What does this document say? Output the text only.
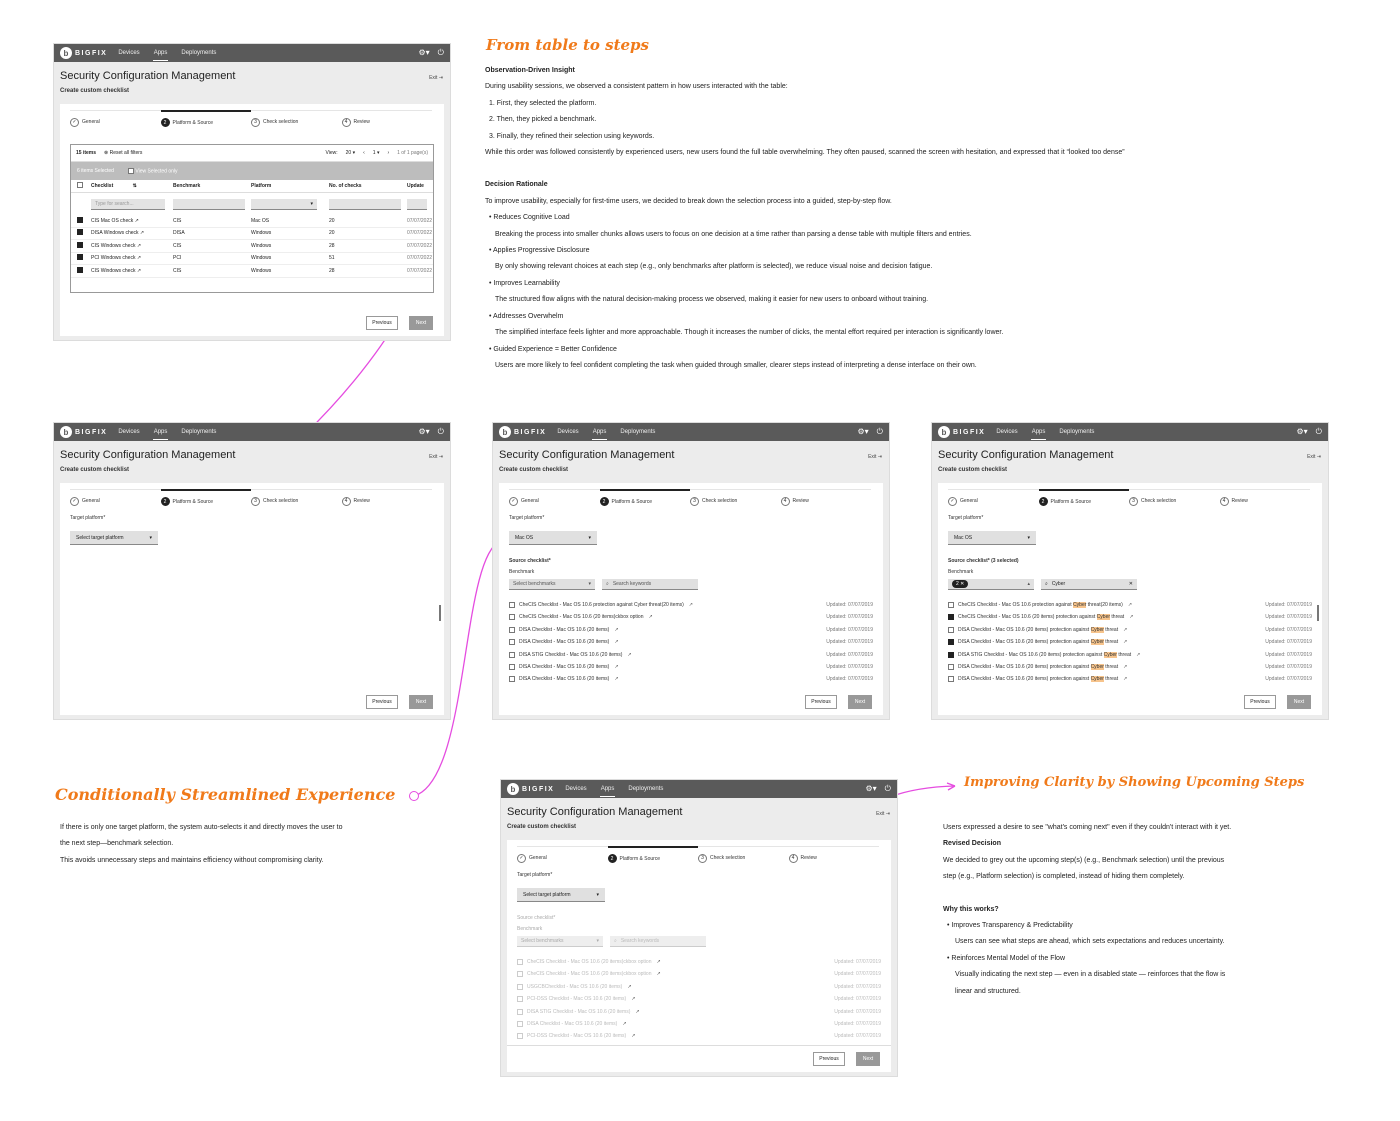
b BIGFIX Devices Apps Deployments	⚙▾ ⏻
Security Configuration Management	Exit ⇥
Create custom checklist
✓	General	2	Platform & Source	3	Check selection	4	Review
15 items ⊗ Reset all filters	View: 20 ▾ ‹ 1 ▾ › 1 of 1 page(s)
6 items Selected	View Selected only
Checklist	⇅	Benchmark	Platform	No. of checks	Update
Type for search...	▾
CIS Mac OS check ↗	CIS	Mac OS	20	07/07/2022
DISA Windows check ↗	DISA	Windows	20	07/07/2022
CIS Windows check ↗	CIS	Windows	28	07/07/2022
PCI Windows check ↗	PCI	Windows	51	07/07/2022
CIS Windows check ↗	CIS	Windows	28	07/07/2022
Previous	Next
From table to steps
Observation-Driven Insight
During usability sessions, we observed a consistent pattern in how users interacted with the table:
1. First, they selected the platform.
2. Then, they picked a benchmark.
3. Finally, they refined their selection using keywords.
While this order was followed consistently by experienced users, new users found the full table overwhelming. They often paused, scanned the screen with hesitation, and expressed that it “looked too dense”
Decision Rationale
To improve usability, especially for first-time users, we decided to break down the selection process into a guided, step-by-step flow.
• Reduces Cognitive Load
Breaking the process into smaller chunks allows users to focus on one decision at a time rather than parsing a dense table with multiple filters and entries.
• Applies Progressive Disclosure
By only showing relevant choices at each step (e.g., only benchmarks after platform is selected), we reduce visual noise and decision fatigue.
• Improves Learnability
The structured flow aligns with the natural decision-making process we observed, making it easier for new users to onboard without training.
• Addresses Overwhelm
The simplified interface feels lighter and more approachable. Though it increases the number of clicks, the mental effort required per interaction is significantly lower.
• Guided Experience = Better Confidence
Users are more likely to feel confident completing the task when guided through smaller, clearer steps instead of interpreting a dense interface on their own.
b BIGFIX Devices Apps Deployments	⚙▾ ⏻
Security Configuration Management	Exit ⇥
Create custom checklist
✓	General	2	Platform & Source	3	Check selection	4	Review
Target platform*
Select target platform	▾
Previous	Next
b BIGFIX Devices Apps Deployments	⚙▾ ⏻
Security Configuration Management	Exit ⇥
Create custom checklist
✓	General	2	Platform & Source	3	Check selection	4	Review
Target platform*
Mac OS	▾
Source checklist*
Benchmark
Select benchmarks	▾	⌕ Search keywords
CheCIS Checklist - Mac OS 10.6 protection against Cyber threat(20 items) ↗	Updated: 07/07/2019
CheCIS Checklist - Mac OS 10.6 (20 items)ckbox option ↗	Updated: 07/07/2019
DISA Checklist - Mac OS 10.6 (20 items) ↗	Updated: 07/07/2019
DISA Checklist - Mac OS 10.6 (20 items) ↗	Updated: 07/07/2019
DISA STIG Checklist - Mac OS 10.6 (20 items) ↗	Updated: 07/07/2019
DISA Checklist - Mac OS 10.6 (20 items) ↗	Updated: 07/07/2019
DISA Checklist - Mac OS 10.6 (20 items) ↗	Updated: 07/07/2019
Previous	Next
b BIGFIX Devices Apps Deployments	⚙▾ ⏻
Security Configuration Management	Exit ⇥
Create custom checklist
✓	General	2	Platform & Source	3	Check selection	4	Review
Target platform*
Mac OS	▾
Source checklist* (3 selected)
Benchmark
2 ✕	▴	⌕ Cyber	✕
CheCIS Checklist - Mac OS 10.6 protection against Cyber threat(20 items) ↗	Updated: 07/07/2019
CheCIS Checklist - Mac OS 10.6 (20 items) protection against Cyber threat ↗	Updated: 07/07/2019
DISA Checklist - Mac OS 10.6 (20 items) protection against Cyber threat ↗	Updated: 07/07/2019
DISA Checklist - Mac OS 10.6 (20 items) protection against Cyber threat ↗	Updated: 07/07/2019
DISA STIG Checklist - Mac OS 10.6 (20 items) protection against Cyber threat ↗	Updated: 07/07/2019
DISA Checklist - Mac OS 10.6 (20 items) protection against Cyber threat ↗	Updated: 07/07/2019
DISA Checklist - Mac OS 10.6 (20 items) protection against Cyber threat ↗	Updated: 07/07/2019
Previous	Next
Conditionally Streamlined Experience
If there is only one target platform, the system auto-selects it and directly moves the user to
the next step—benchmark selection.
This avoids unnecessary steps and maintains efficiency without compromising clarity.
b BIGFIX Devices Apps Deployments	⚙▾ ⏻
Security Configuration Management	Exit ⇥
Create custom checklist
✓	General	2	Platform & Source	3	Check selection	4	Review
Target platform*
Select target platform	▾
Source checklist*
Benchmark
Select benchmarks	▾	⌕ Search keywords
CheCIS Checklist - Mac OS 10.6 (20 items)ckbox option ↗	Updated: 07/07/2019
CheCIS Checklist - Mac OS 10.6 (20 items)ckbox option ↗	Updated: 07/07/2019
USGCBChecklist - Mac OS 10.6 (20 items) ↗	Updated: 07/07/2019
PCI-DSS Checklist - Mac OS 10.6 (20 items) ↗	Updated: 07/07/2019
DISA STIG Checklist - Mac OS 10.6 (20 items) ↗	Updated: 07/07/2019
DISA Checklist - Mac OS 10.6 (20 items) ↗	Updated: 07/07/2019
PCI-DSS Checklist - Mac OS 10.6 (20 items) ↗	Updated: 07/07/2019
Previous	Next
Improving Clarity by Showing Upcoming Steps
Users expressed a desire to see "what's coming next" even if they couldn't interact with it yet.
Revised Decision
We decided to grey out the upcoming step(s) (e.g., Benchmark selection) until the previous
step (e.g., Platform selection) is completed, instead of hiding them completely.
Why this works?
• Improves Transparency & Predictability
Users can see what steps are ahead, which sets expectations and reduces uncertainty.
• Reinforces Mental Model of the Flow
Visually indicating the next step — even in a disabled state — reinforces that the flow is
linear and structured.
